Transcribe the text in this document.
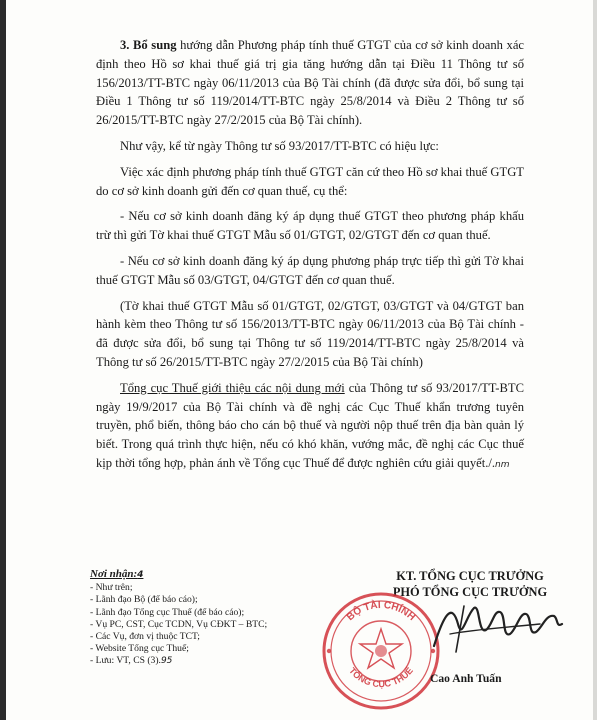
3. Bổ sung hướng dẫn Phương pháp tính thuế GTGT của cơ sở kinh doanh xác định theo Hồ sơ khai thuế giá trị gia tăng hướng dẫn tại Điều 11 Thông tư số 156/2013/TT-BTC ngày 06/11/2013 của Bộ Tài chính (đã được sửa đổi, bổ sung tại Điều 1 Thông tư số 119/2014/TT-BTC ngày 25/8/2014 và Điều 2 Thông tư số 26/2015/TT-BTC ngày 27/2/2015 của Bộ Tài chính).

Như vậy, kể từ ngày Thông tư số 93/2017/TT-BTC có hiệu lực:

Việc xác định phương pháp tính thuế GTGT căn cứ theo Hồ sơ khai thuế GTGT do cơ sở kinh doanh gửi đến cơ quan thuế, cụ thể:

- Nếu cơ sở kinh doanh đăng ký áp dụng thuế GTGT theo phương pháp khấu trừ thì gửi Tờ khai thuế GTGT Mẫu số 01/GTGT, 02/GTGT đến cơ quan thuế.

- Nếu cơ sở kinh doanh đăng ký áp dụng phương pháp trực tiếp thì gửi Tờ khai thuế GTGT Mẫu số 03/GTGT, 04/GTGT đến cơ quan thuế.

(Tờ khai thuế GTGT Mẫu số 01/GTGT, 02/GTGT, 03/GTGT và 04/GTGT ban hành kèm theo Thông tư số 156/2013/TT-BTC ngày 06/11/2013 của Bộ Tài chính - đã được sửa đổi, bổ sung tại Thông tư số 119/2014/TT-BTC ngày 25/8/2014 và Thông tư số 26/2015/TT-BTC ngày 27/2/2015 của Bộ Tài chính)

Tổng cục Thuế giới thiệu các nội dung mới của Thông tư số 93/2017/TT-BTC ngày 19/9/2017 của Bộ Tài chính và đề nghị các Cục Thuế khẩn trương tuyên truyền, phổ biến, thông báo cho cán bộ thuế và người nộp thuế trên địa bàn quản lý biết. Trong quá trình thực hiện, nếu có khó khăn, vướng mắc, đề nghị các Cục thuế kịp thời tổng hợp, phản ánh về Tổng cục Thuế để được nghiên cứu giải quyết./.nm

Nơi nhận:4
- Như trên;
- Lãnh đạo Bộ (để báo cáo);
- Lãnh đạo Tổng cục Thuế (để báo cáo);
- Vụ PC, CST, Cục TCDN, Vụ CĐKT – BTC;
- Các Vụ, đơn vị thuộc TCT;
- Website Tổng cục Thuế;
- Lưu: VT, CS (3).95
KT. TỔNG CỤC TRƯỞNG
PHÓ TỔNG CỤC TRƯỞNG
BỘ TÀI CHÍNH
TỔNG CỤC THUẾ
Cao Anh Tuấn
